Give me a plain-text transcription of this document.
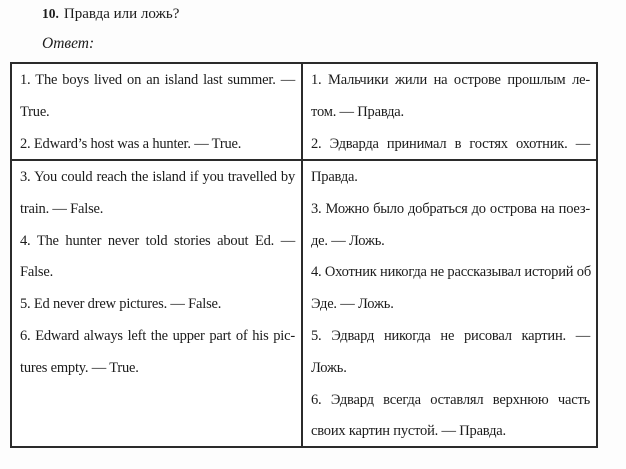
10. Правда или ложь?
Ответ:
1. The boys lived on an island last summer. —
True.
2. Edward’s host was a hunter. — True.
1. Мальчики жили на острове прошлым ле-
том. — Правда.
2. Эдварда принимал в гостях охотник. —
3. You could reach the island if you travelled by
train. — False.
4. The hunter never told stories about Ed. —
False.
5. Ed never drew pictures. — False.
6. Edward always left the upper part of his pic-
tures empty. — True.
Правда.
3. Можно было добраться до острова на поез-
де. — Ложь.
4. Охотник никогда не рассказывал историй об
Эде. — Ложь.
5. Эдвард никогда не рисовал картин. —
Ложь.
6. Эдвард всегда оставлял верхнюю часть
своих картин пустой. — Правда.
